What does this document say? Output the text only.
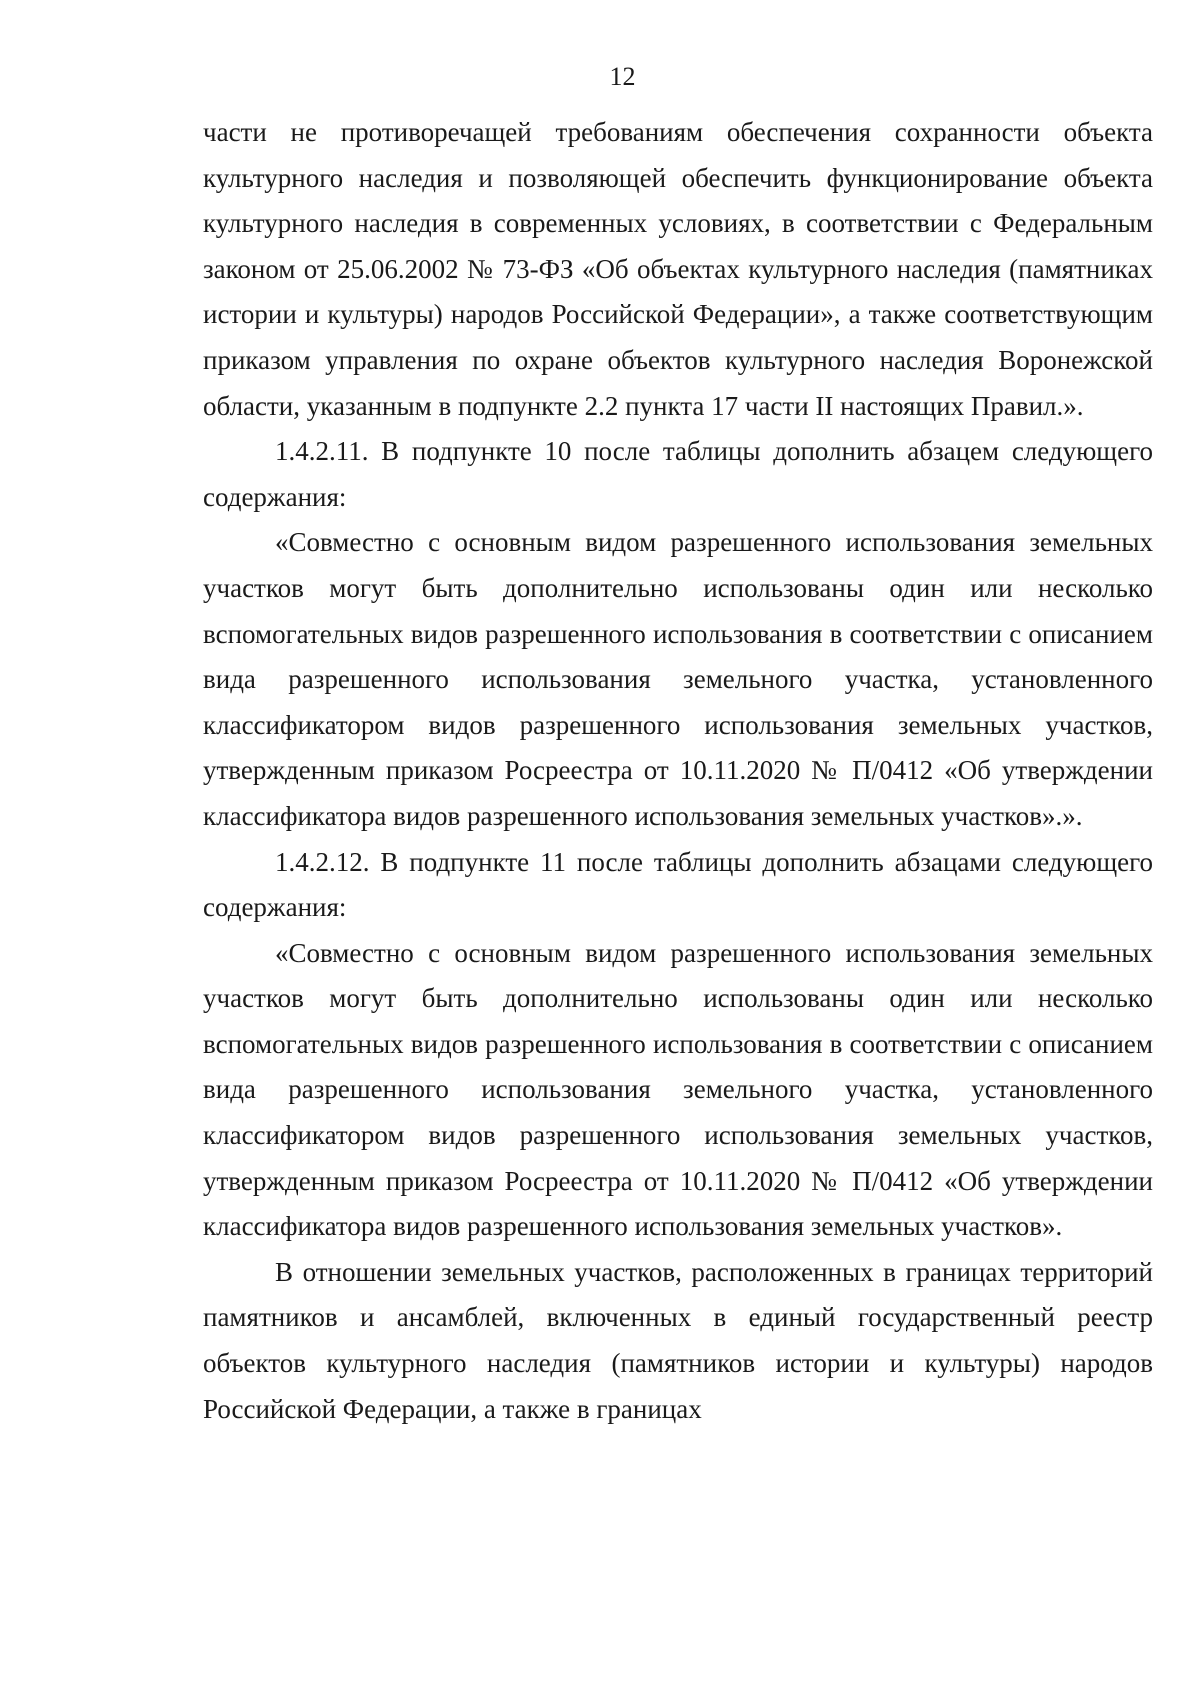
12

части не противоречащей требованиям обеспечения сохранности объекта культурного наследия и позволяющей обеспечить функционирование объекта культурного наследия в современных условиях, в соответствии с Федеральным законом от 25.06.2002 № 73-ФЗ «Об объектах культурного наследия (памятниках истории и культуры) народов Российской Федерации», а также соответствующим приказом управления по охране объектов культурного наследия Воронежской области, указанным в подпункте 2.2 пункта 17 части II настоящих Правил.».

1.4.2.11. В подпункте 10 после таблицы дополнить абзацем следующего содержания:

«Совместно с основным видом разрешенного использования земельных участков могут быть дополнительно использованы один или несколько вспомогательных видов разрешенного использования в соответствии с описанием вида разрешенного использования земельного участка, установленного классификатором видов разрешенного использования земельных участков, утвержденным приказом Росреестра от 10.11.2020 № П/0412 «Об утверждении классификатора видов разрешенного использования земельных участков».».

1.4.2.12. В подпункте 11 после таблицы дополнить абзацами следующего содержания:

«Совместно с основным видом разрешенного использования земельных участков могут быть дополнительно использованы один или несколько вспомогательных видов разрешенного использования в соответствии с описанием вида разрешенного использования земельного участка, установленного классификатором видов разрешенного использования земельных участков, утвержденным приказом Росреестра от 10.11.2020 № П/0412 «Об утверждении классификатора видов разрешенного использования земельных участков».

В отношении земельных участков, расположенных в границах территорий памятников и ансамблей, включенных в единый государственный реестр объектов культурного наследия (памятников истории и культуры) народов Российской Федерации, а также в границах
